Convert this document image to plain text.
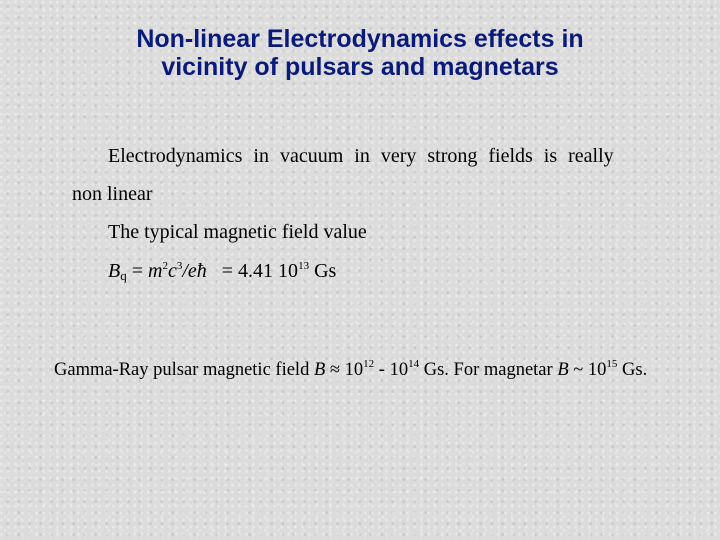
Non-linear Electrodynamics effects in
vicinity of pulsars and magnetars
Electrodynamics in vacuum in very strong fields is really
non linear
The typical magnetic field value
$B_q$ = $m^2c^3/eħ = 4.41$ $10^{13}$ Gs
Gamma-Ray pulsar magnetic field $B \approx 10^{12} - 10^{14}$ Gs. For magnetar B ~ $10^{15}$ Gs.
